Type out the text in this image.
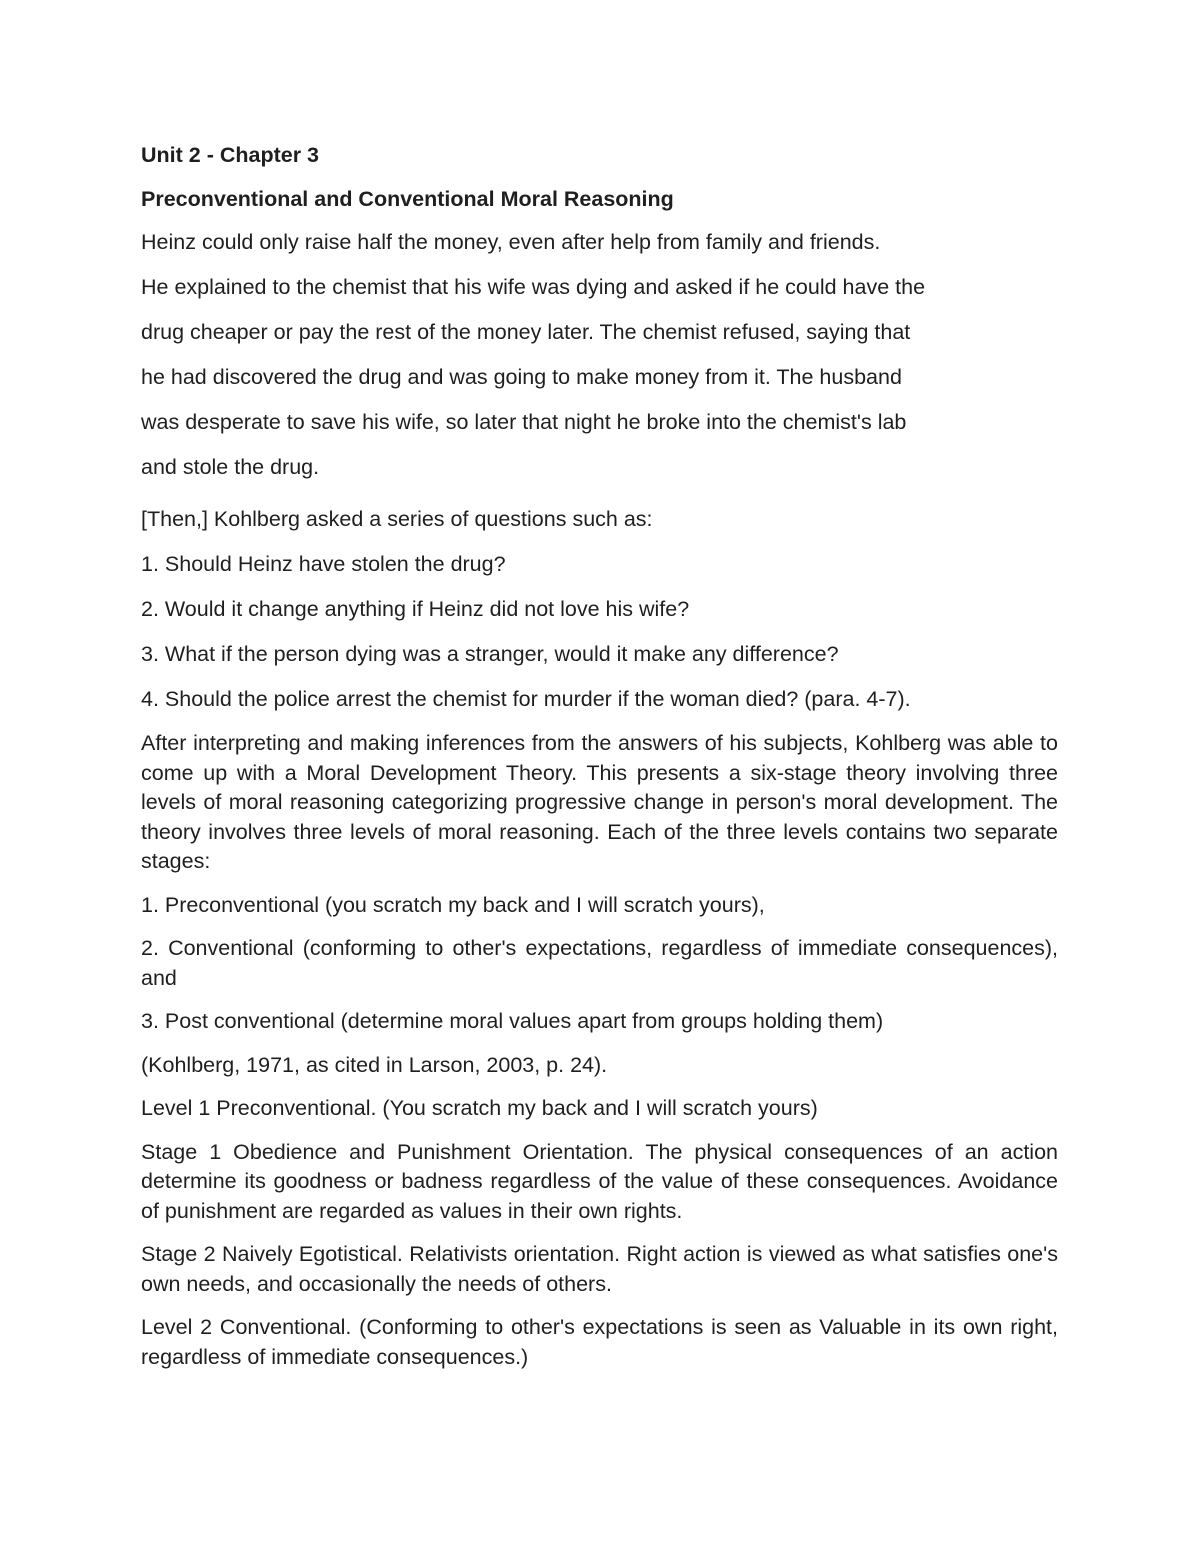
Unit 2 - Chapter 3

Preconventional and Conventional Moral Reasoning

Heinz could only raise half the money, even after help from family and friends.

He explained to the chemist that his wife was dying and asked if he could have the

drug cheaper or pay the rest of the money later. The chemist refused, saying that

he had discovered the drug and was going to make money from it. The husband

was desperate to save his wife, so later that night he broke into the chemist's lab

and stole the drug.

[Then,] Kohlberg asked a series of questions such as:

1. Should Heinz have stolen the drug?

2. Would it change anything if Heinz did not love his wife?

3. What if the person dying was a stranger, would it make any difference?

4. Should the police arrest the chemist for murder if the woman died? (para. 4-7).

After interpreting and making inferences from the answers of his subjects, Kohlberg was able to come up with a Moral Development Theory. This presents a six-stage theory involving three levels of moral reasoning categorizing progressive change in person's moral development. The theory involves three levels of moral reasoning. Each of the three levels contains two separate stages:

1. Preconventional (you scratch my back and I will scratch yours),

2. Conventional (conforming to other's expectations, regardless of immediate consequences), and

3. Post conventional (determine moral values apart from groups holding them)

(Kohlberg, 1971, as cited in Larson, 2003, p. 24).

Level 1 Preconventional. (You scratch my back and I will scratch yours)

Stage 1 Obedience and Punishment Orientation. The physical consequences of an action determine its goodness or badness regardless of the value of these consequences. Avoidance of punishment are regarded as values in their own rights.

Stage 2 Naively Egotistical. Relativists orientation. Right action is viewed as what satisfies one's own needs, and occasionally the needs of others.

Level 2 Conventional. (Conforming to other's expectations is seen as Valuable in its own right, regardless of immediate consequences.)
